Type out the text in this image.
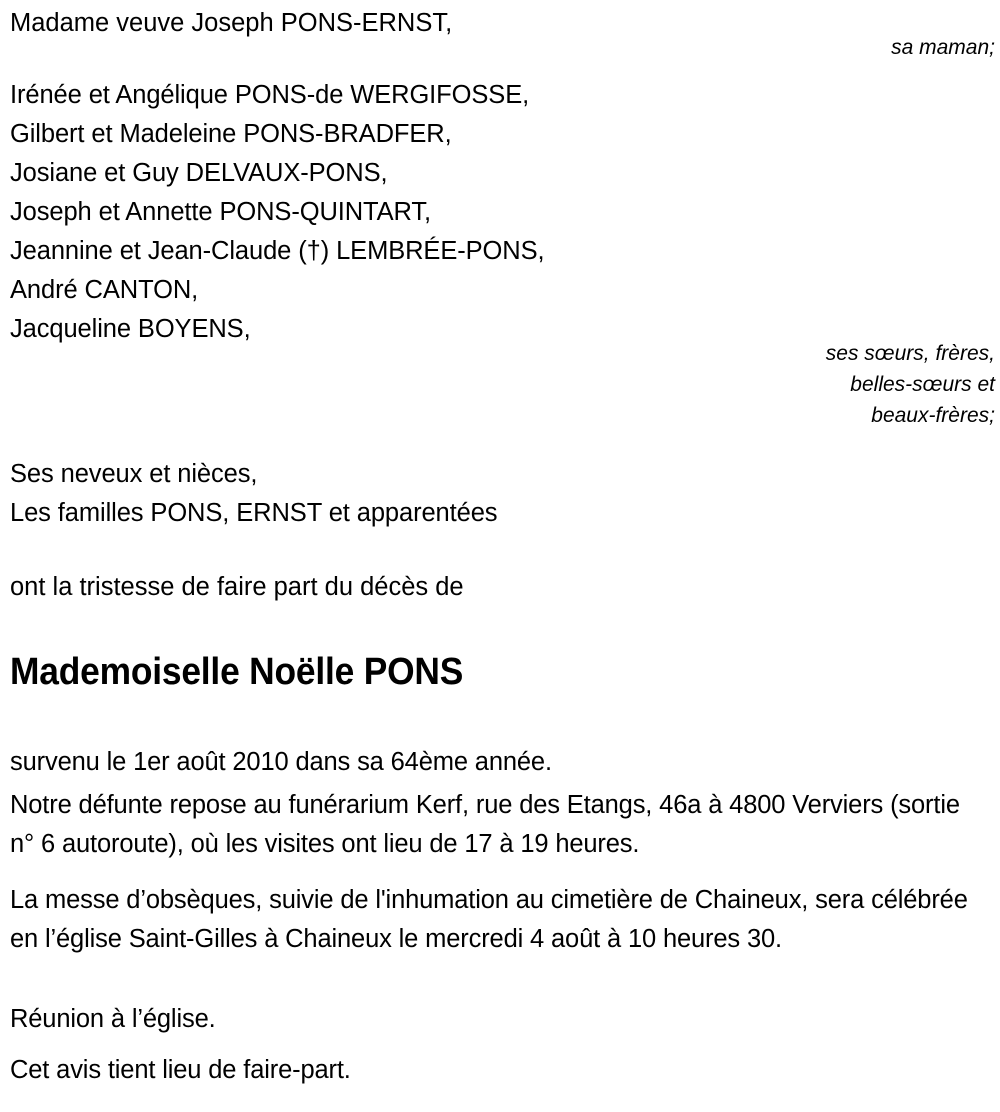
Madame veuve Joseph PONS-ERNST,
sa maman;
Irénée et Angélique PONS-de WERGIFOSSE,
Gilbert et Madeleine PONS-BRADFER,
Josiane et Guy DELVAUX-PONS,
Joseph et Annette PONS-QUINTART,
Jeannine et Jean-Claude (†) LEMBRÉE-PONS,
André CANTON,
Jacqueline BOYENS,
ses sœurs, frères,
belles-sœurs et
beaux-frères;
Ses neveux et nièces,
Les familles PONS, ERNST et apparentées
ont la tristesse de faire part du décès de
Mademoiselle Noëlle PONS
survenu le 1er août 2010 dans sa 64ème année.
Notre défunte repose au funérarium Kerf, rue des Etangs, 46a à 4800 Verviers (sortie n° 6 autoroute), où les visites ont lieu de 17 à 19 heures.
La messe d’obsèques, suivie de l'inhumation au cimetière de Chaineux, sera célébrée en l’église Saint-Gilles à Chaineux le mercredi 4 août à 10 heures 30.
Réunion à l’église.
Cet avis tient lieu de faire-part.
